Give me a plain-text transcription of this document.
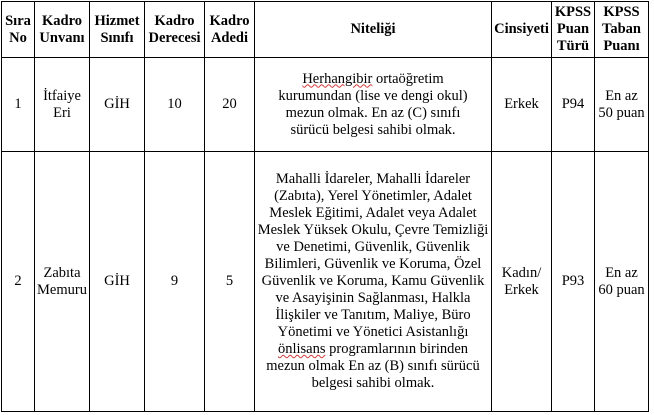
Sıra No	Kadro Unvanı	Hizmet Sınıfı	Kadro Derecesi	Kadro Adedi	Niteliği	Cinsiyeti	KPSS Puan Türü	KPSS Taban Puanı
1	İtfaiye Eri	GİH	10	20	Herhangibir ortaöğretim kurumundan (lise ve dengi okul) mezun olmak. En az (C) sınıfı sürücü belgesi sahibi olmak.	Erkek	P94	En az 50 puan
2	Zabıta Memuru	GİH	9	5	Mahalli İdareler, Mahalli İdareler (Zabıta), Yerel Yönetimler, Adalet Meslek Eğitimi, Adalet veya Adalet Meslek Yüksek Okulu, Çevre Temizliği ve Denetimi, Güvenlik, Güvenlik Bilimleri, Güvenlik ve Koruma, Özel Güvenlik ve Koruma, Kamu Güvenlik ve Asayişinin Sağlanması, Halkla İlişkiler ve Tanıtım, Maliye, Büro Yönetimi ve Yönetici Asistanlığı önlisans programlarının birinden mezun olmak En az (B) sınıfı sürücü belgesi sahibi olmak.	Kadın/ Erkek	P93	En az 60 puan
